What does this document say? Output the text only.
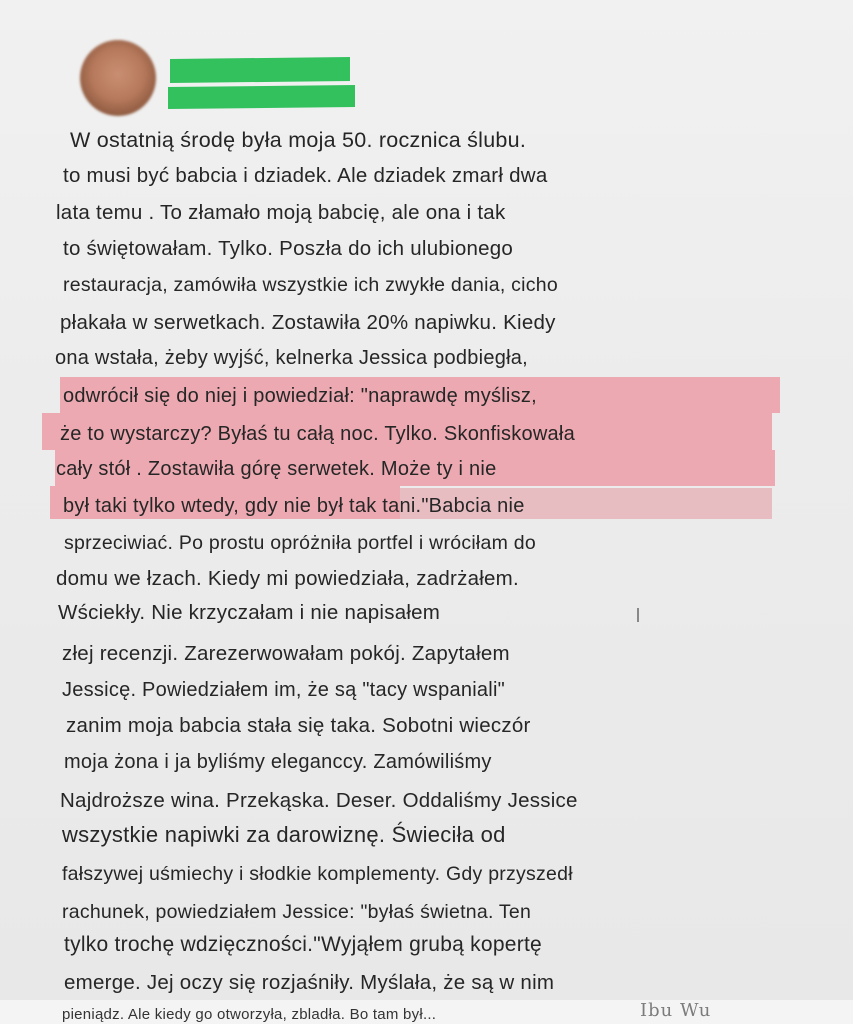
W ostatnią środę była moja 50. rocznica ślubu.
to musi być babcia i dziadek. Ale dziadek zmarł dwa
lata temu . To złamało moją babcię, ale ona i tak
to świętowałam. Tylko. Poszła do ich ulubionego
restauracja, zamówiła wszystkie ich zwykłe dania, cicho
płakała w serwetkach. Zostawiła 20% napiwku. Kiedy
ona wstała, żeby wyjść, kelnerka Jessica podbiegła,
odwrócił się do niej i powiedział: "naprawdę myślisz,
że to wystarczy? Byłaś tu całą noc. Tylko. Skonfiskowała
cały stół . Zostawiła górę serwetek. Może ty i nie
był taki tylko wtedy, gdy nie był tak tani."Babcia nie
sprzeciwiać. Po prostu opróżniła portfel i wróciłam do
domu we łzach. Kiedy mi powiedziała, zadrżałem.
Wściekły. Nie krzyczałam i nie napisałem
złej recenzji. Zarezerwowałam pokój. Zapytałem
Jessicę. Powiedziałem im, że są "tacy wspaniali"
zanim moja babcia stała się taka. Sobotni wieczór
moja żona i ja byliśmy eleganccy. Zamówiliśmy
Najdroższe wina. Przekąska. Deser. Oddaliśmy Jessice
wszystkie napiwki za darowiznę. Świeciła od
fałszywej uśmiechy i słodkie komplementy. Gdy przyszedł
rachunek, powiedziałem Jessice: "byłaś świetna. Ten
tylko trochę wdzięczności."Wyjąłem grubą kopertę
emerge. Jej oczy się rozjaśniły. Myślała, że są w nim
pieniądz. Ale kiedy go otworzyła, zbladła. Bo tam był...	Ibu Wu
